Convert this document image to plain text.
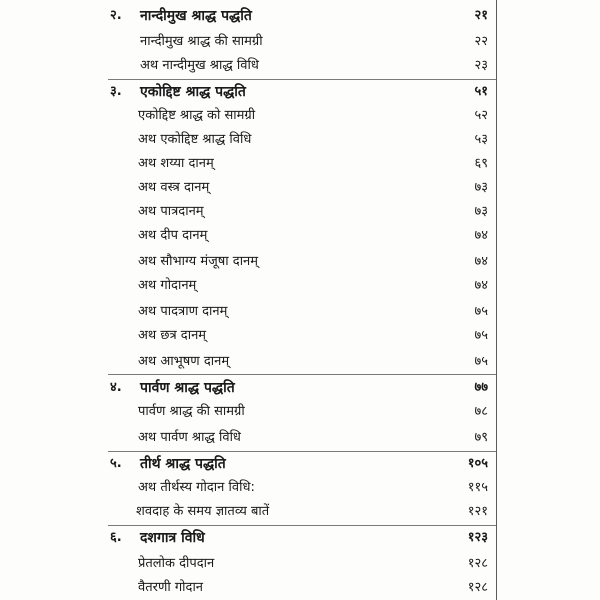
२. नान्दीमुख श्राद्ध पद्धति	२१
नान्दीमुख श्राद्ध की सामग्री	२२
अथ नान्दीमुख श्राद्ध विधि	२३
३. एकोद्दिष्ट श्राद्ध पद्धति	५१
एकोद्दिष्ट श्राद्ध को सामग्री	५२
अथ एकोद्दिष्ट श्राद्ध विधि	५३
अथ शय्या दानम्	६९
अथ वस्त्र दानम्	७३
अथ पात्रदानम्	७३
अथ दीप दानम्	७४
अथ सौभाग्य मंजूषा दानम्	७४
अथ गोदानम्	७४
अथ पादत्राण दानम्	७५
अथ छत्र दानम्	७५
अथ आभूषण दानम्	७५
४. पार्वण श्राद्ध पद्धति	७७
पार्वण श्राद्ध की सामग्री	७८
अथ पार्वण श्राद्ध विधि	७९
५. तीर्थ श्राद्ध पद्धति	१०५
अथ तीर्थस्य गोदान विधि:	११५
शवदाह के समय ज्ञातव्य बातें	१२१
६. दशगात्र विधि	१२३
प्रेतलोक दीपदान	१२८
वैतरणी गोदान	१२८
